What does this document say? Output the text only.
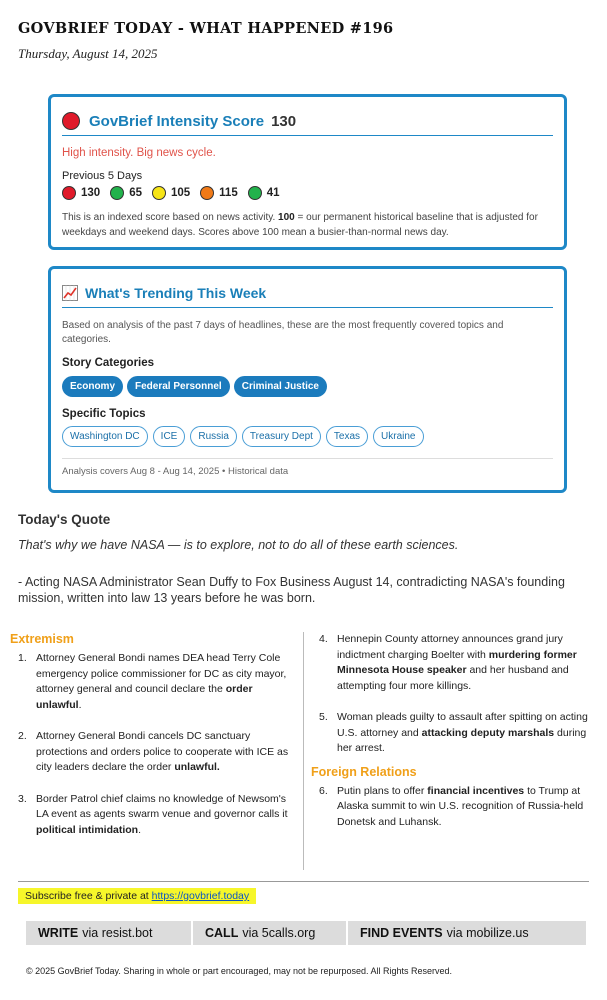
GOVBRIEF TODAY - WHAT HAPPENED #196
Thursday, August 14, 2025
GovBrief Intensity Score 130
High intensity. Big news cycle.
Previous 5 Days
130	65	105	115	41
This is an indexed score based on news activity. 100 = our permanent historical baseline that is adjusted for weekdays and weekend days. Scores above 100 mean a busier-than-normal news day.
What's Trending This Week
Based on analysis of the past 7 days of headlines, these are the most frequently covered topics and categories.
Story Categories
Economy	Federal Personnel	Criminal Justice
Specific Topics
Washington DC	ICE	Russia	Treasury Dept	Texas	Ukraine
Analysis covers Aug 8 - Aug 14, 2025 • Historical data
Today's Quote
That's why we have NASA — is to explore, not to do all of these earth sciences.
- Acting NASA Administrator Sean Duffy to Fox Business August 14, contradicting NASA's founding mission, written into law 13 years before he was born.
Extremism
1. Attorney General Bondi names DEA head Terry Cole emergency police commissioner for DC as city mayor, attorney general and council declare the order unlawful.
2. Attorney General Bondi cancels DC sanctuary protections and orders police to cooperate with ICE as city leaders declare the order unlawful.
3. Border Patrol chief claims no knowledge of Newsom's LA event as agents swarm venue and governor calls it political intimidation.
4. Hennepin County attorney announces grand jury indictment charging Boelter with murdering former Minnesota House speaker and her husband and attempting four more killings.
5. Woman pleads guilty to assault after spitting on acting U.S. attorney and attacking deputy marshals during her arrest.
Foreign Relations
6. Putin plans to offer financial incentives to Trump at Alaska summit to win U.S. recognition of Russia-held Donetsk and Luhansk.
Subscribe free & private at https://govbrief.today
WRITE via resist.bot	CALL via 5calls.org	FIND EVENTS via mobilize.us
© 2025 GovBrief Today. Sharing in whole or part encouraged, may not be repurposed. All Rights Reserved.
